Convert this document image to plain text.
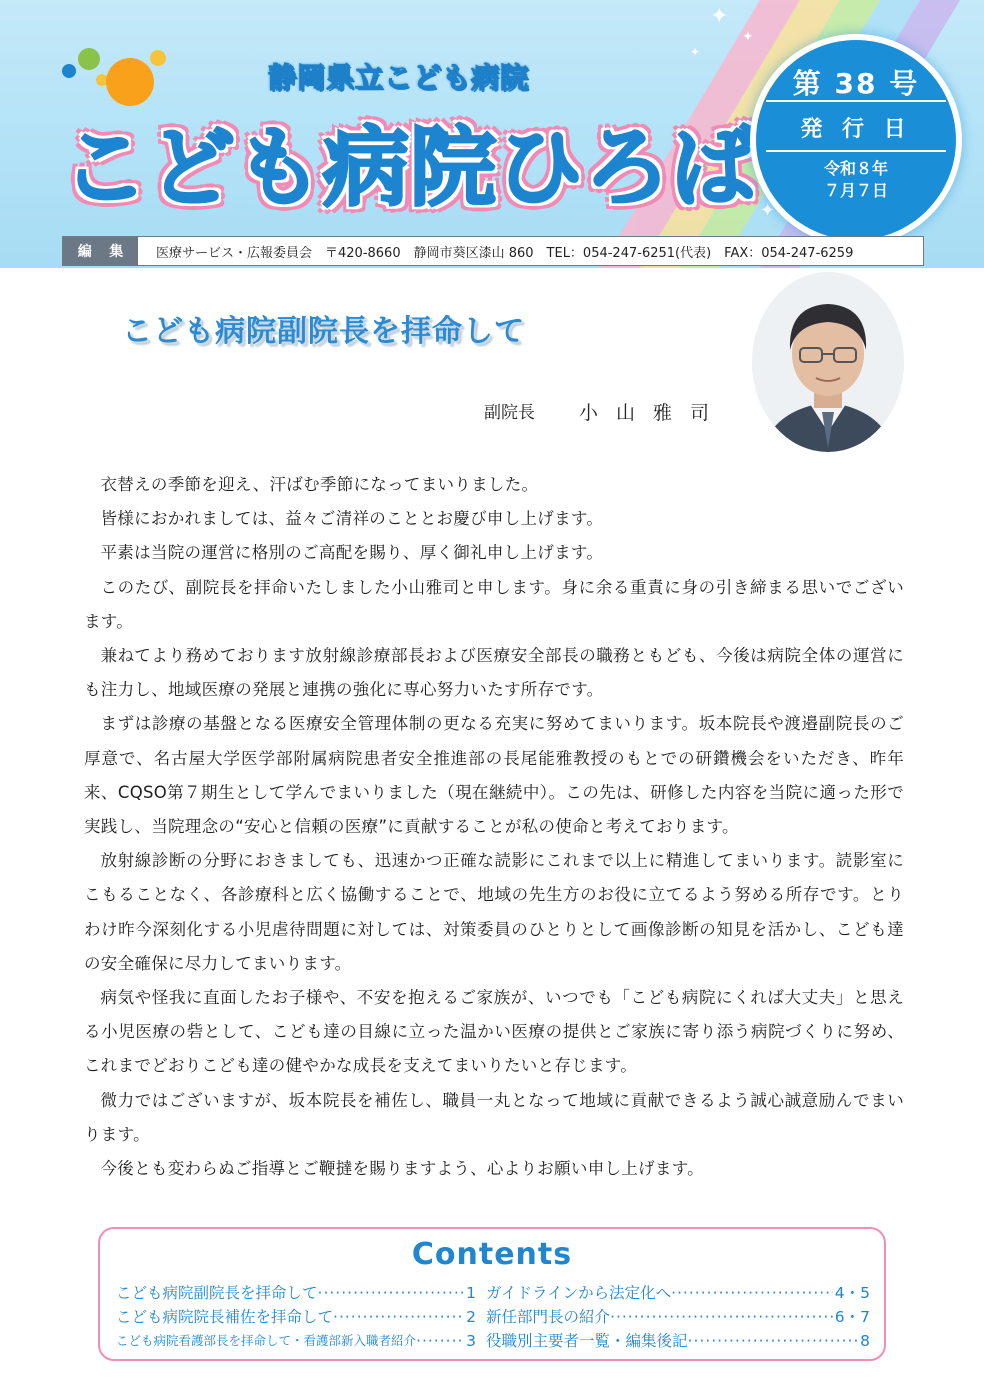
✦
✦
✦
✦
静岡県立こども病院
こども病院ひろば
第 38 号
発 行 日
令和８年
７月７日
編 集	医療サービス・広報委員会　〒420-8660　静岡市葵区漆山 860　TEL：054-247-6251(代表)　FAX：054-247-6259
こども病院副院長を拝命して
副院長 小山雅司

衣替えの季節を迎え、汗ばむ季節になってまいりました。

皆様におかれましては、益々ご清祥のこととお慶び申し上げます。

平素は当院の運営に格別のご高配を賜り、厚く御礼申し上げます。

このたび、副院長を拝命いたしました小山雅司と申します。身に余る重責に身の引き締まる思いでございます。

兼ねてより務めております放射線診療部長および医療安全部長の職務ともども、今後は病院全体の運営にも注力し、地域医療の発展と連携の強化に専心努力いたす所存です。

まずは診療の基盤となる医療安全管理体制の更なる充実に努めてまいります。坂本院長や渡邉副院長のご厚意で、名古屋大学医学部附属病院患者安全推進部の長尾能雅教授のもとでの研鑽機会をいただき、昨年来、CQSO第７期生として学んでまいりました（現在継続中）。この先は、研修した内容を当院に適った形で実践し、当院理念の“安心と信頼の医療”に貢献することが私の使命と考えております。

放射線診断の分野におきましても、迅速かつ正確な読影にこれまで以上に精進してまいります。読影室にこもることなく、各診療科と広く協働することで、地域の先生方のお役に立てるよう努める所存です。とりわけ昨今深刻化する小児虐待問題に対しては、対策委員のひとりとして画像診断の知見を活かし、こども達の安全確保に尽力してまいります。

病気や怪我に直面したお子様や、不安を抱えるご家族が、いつでも「こども病院にくれば大丈夫」と思える小児医療の砦として、こども達の目線に立った温かい医療の提供とご家族に寄り添う病院づくりに努め、これまでどおりこども達の健やかな成長を支えてまいりたいと存じます。

微力ではございますが、坂本院長を補佐し、職員一丸となって地域に貢献できるよう誠心誠意励んでまいります。

今後とも変わらぬご指導とご鞭撻を賜りますよう、心よりお願い申し上げます。

Contents
こども病院副院長を拝命して ·····	1
こども病院院長補佐を拝命して ·····	2
こども病院看護部長を拝命して・看護部新入職者紹介 ·····	3
ガイドラインから法定化へ ·····	4・5
新任部門長の紹介 ·····	6・7
役職別主要者一覧・編集後記 ·····	8
